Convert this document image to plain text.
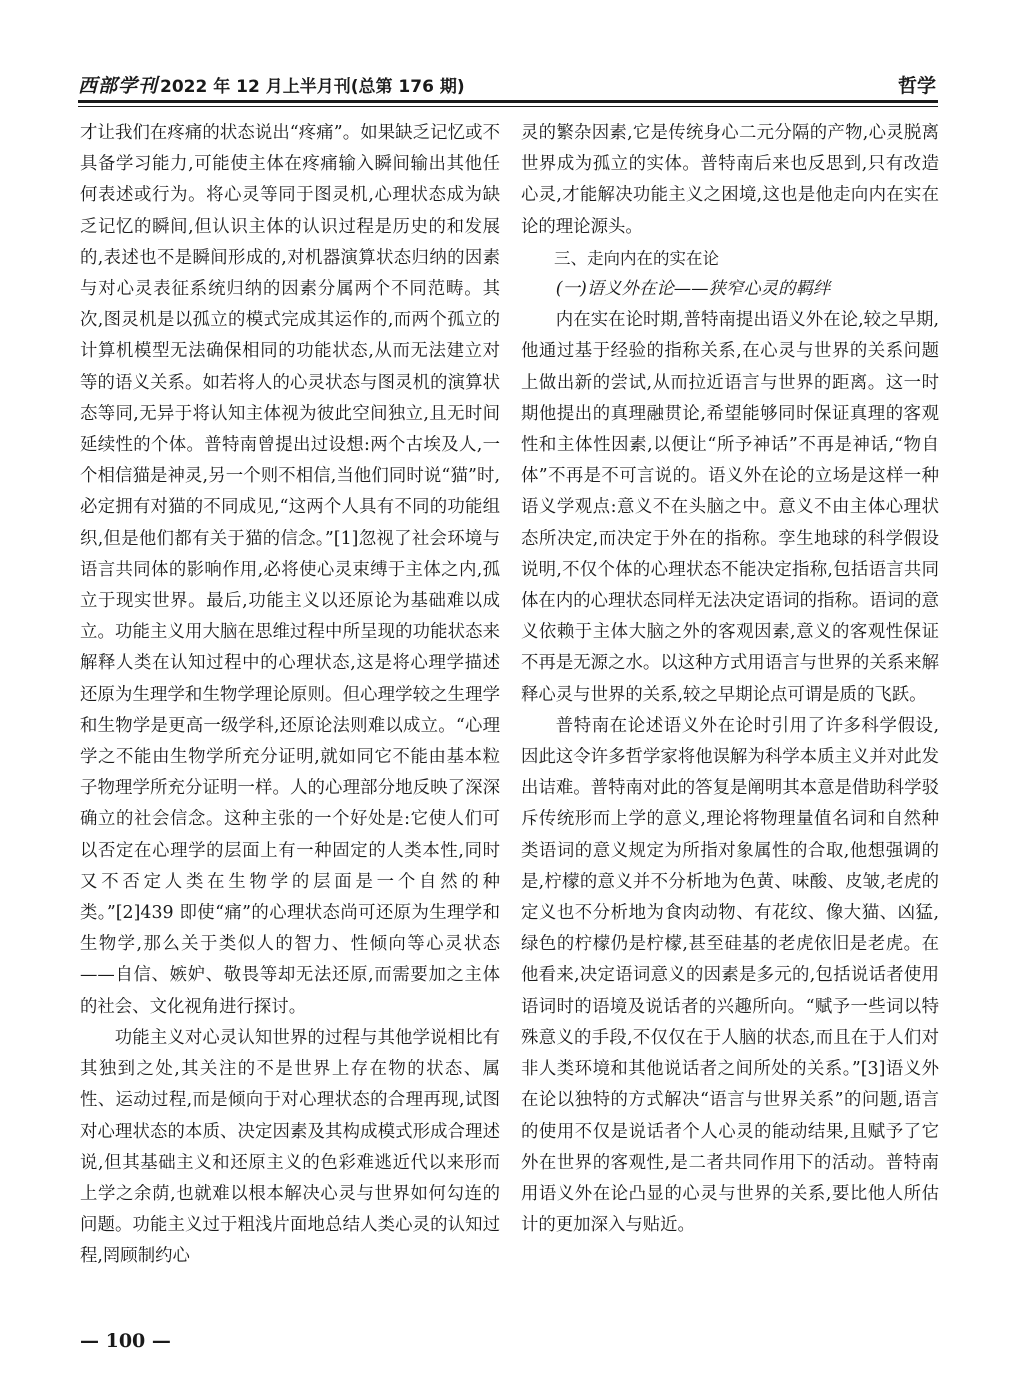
西部学刊 2022 年 12 月上半月刊(总第 176 期)	哲学

才让我们在疼痛的状态说出“疼痛”。如果缺乏记忆或不具备学习能力,可能使主体在疼痛输入瞬间输出其他任何表述或行为。将心灵等同于图灵机,心理状态成为缺乏记忆的瞬间,但认识主体的认识过程是历史的和发展的,表述也不是瞬间形成的,对机器演算状态归纳的因素与对心灵表征系统归纳的因素分属两个不同范畴。其次,图灵机是以孤立的模式完成其运作的,而两个孤立的计算机模型无法确保相同的功能状态,从而无法建立对等的语义关系。如若将人的心灵状态与图灵机的演算状态等同,无异于将认知主体视为彼此空间独立,且无时间延续性的个体。普特南曾提出过设想:两个古埃及人,一个相信猫是神灵,另一个则不相信,当他们同时说“猫”时,必定拥有对猫的不同成见,“这两个人具有不同的功能组织,但是他们都有关于猫的信念。”[1]忽视了社会环境与语言共同体的影响作用,必将使心灵束缚于主体之内,孤立于现实世界。最后,功能主义以还原论为基础难以成立。功能主义用大脑在思维过程中所呈现的功能状态来解释人类在认知过程中的心理状态,这是将心理学描述还原为生理学和生物学理论原则。但心理学较之生理学和生物学是更高一级学科,还原论法则难以成立。“心理学之不能由生物学所充分证明,就如同它不能由基本粒子物理学所充分证明一样。人的心理部分地反映了深深确立的社会信念。这种主张的一个好处是:它使人们可以否定在心理学的层面上有一种固定的人类本性,同时又不否定人类在生物学的层面是一个自然的种类。”[2]439 即使“痛”的心理状态尚可还原为生理学和生物学,那么关于类似人的智力、性倾向等心灵状态——自信、嫉妒、敬畏等却无法还原,而需要加之主体的社会、文化视角进行探讨。

功能主义对心灵认知世界的过程与其他学说相比有其独到之处,其关注的不是世界上存在物的状态、属性、运动过程,而是倾向于对心理状态的合理再现,试图对心理状态的本质、决定因素及其构成模式形成合理述说,但其基础主义和还原主义的色彩难逃近代以来形而上学之余荫,也就难以根本解决心灵与世界如何勾连的问题。功能主义过于粗浅片面地总结人类心灵的认知过程,罔顾制约心

灵的繁杂因素,它是传统身心二元分隔的产物,心灵脱离世界成为孤立的实体。普特南后来也反思到,只有改造心灵,才能解决功能主义之困境,这也是他走向内在实在论的理论源头。

三、走向内在的实在论

(一)语义外在论——狭窄心灵的羁绊

内在实在论时期,普特南提出语义外在论,较之早期,他通过基于经验的指称关系,在心灵与世界的关系问题上做出新的尝试,从而拉近语言与世界的距离。这一时期他提出的真理融贯论,希望能够同时保证真理的客观性和主体性因素,以便让“所予神话”不再是神话,“物自体”不再是不可言说的。语义外在论的立场是这样一种语义学观点:意义不在头脑之中。意义不由主体心理状态所决定,而决定于外在的指称。孪生地球的科学假设说明,不仅个体的心理状态不能决定指称,包括语言共同体在内的心理状态同样无法决定语词的指称。语词的意义依赖于主体大脑之外的客观因素,意义的客观性保证不再是无源之水。以这种方式用语言与世界的关系来解释心灵与世界的关系,较之早期论点可谓是质的飞跃。

普特南在论述语义外在论时引用了许多科学假设,因此这令许多哲学家将他误解为科学本质主义并对此发出诘难。普特南对此的答复是阐明其本意是借助科学驳斥传统形而上学的意义,理论将物理量值名词和自然种类语词的意义规定为所指对象属性的合取,他想强调的是,柠檬的意义并不分析地为色黄、味酸、皮皱,老虎的定义也不分析地为食肉动物、有花纹、像大猫、凶猛,绿色的柠檬仍是柠檬,甚至硅基的老虎依旧是老虎。在他看来,决定语词意义的因素是多元的,包括说话者使用语词时的语境及说话者的兴趣所向。“赋予一些词以特殊意义的手段,不仅仅在于人脑的状态,而且在于人们对非人类环境和其他说话者之间所处的关系。”[3]语义外在论以独特的方式解决“语言与世界关系”的问题,语言的使用不仅是说话者个人心灵的能动结果,且赋予了它外在世界的客观性,是二者共同作用下的活动。普特南用语义外在论凸显的心灵与世界的关系,要比他人所估计的更加深入与贴近。

— 100 —
